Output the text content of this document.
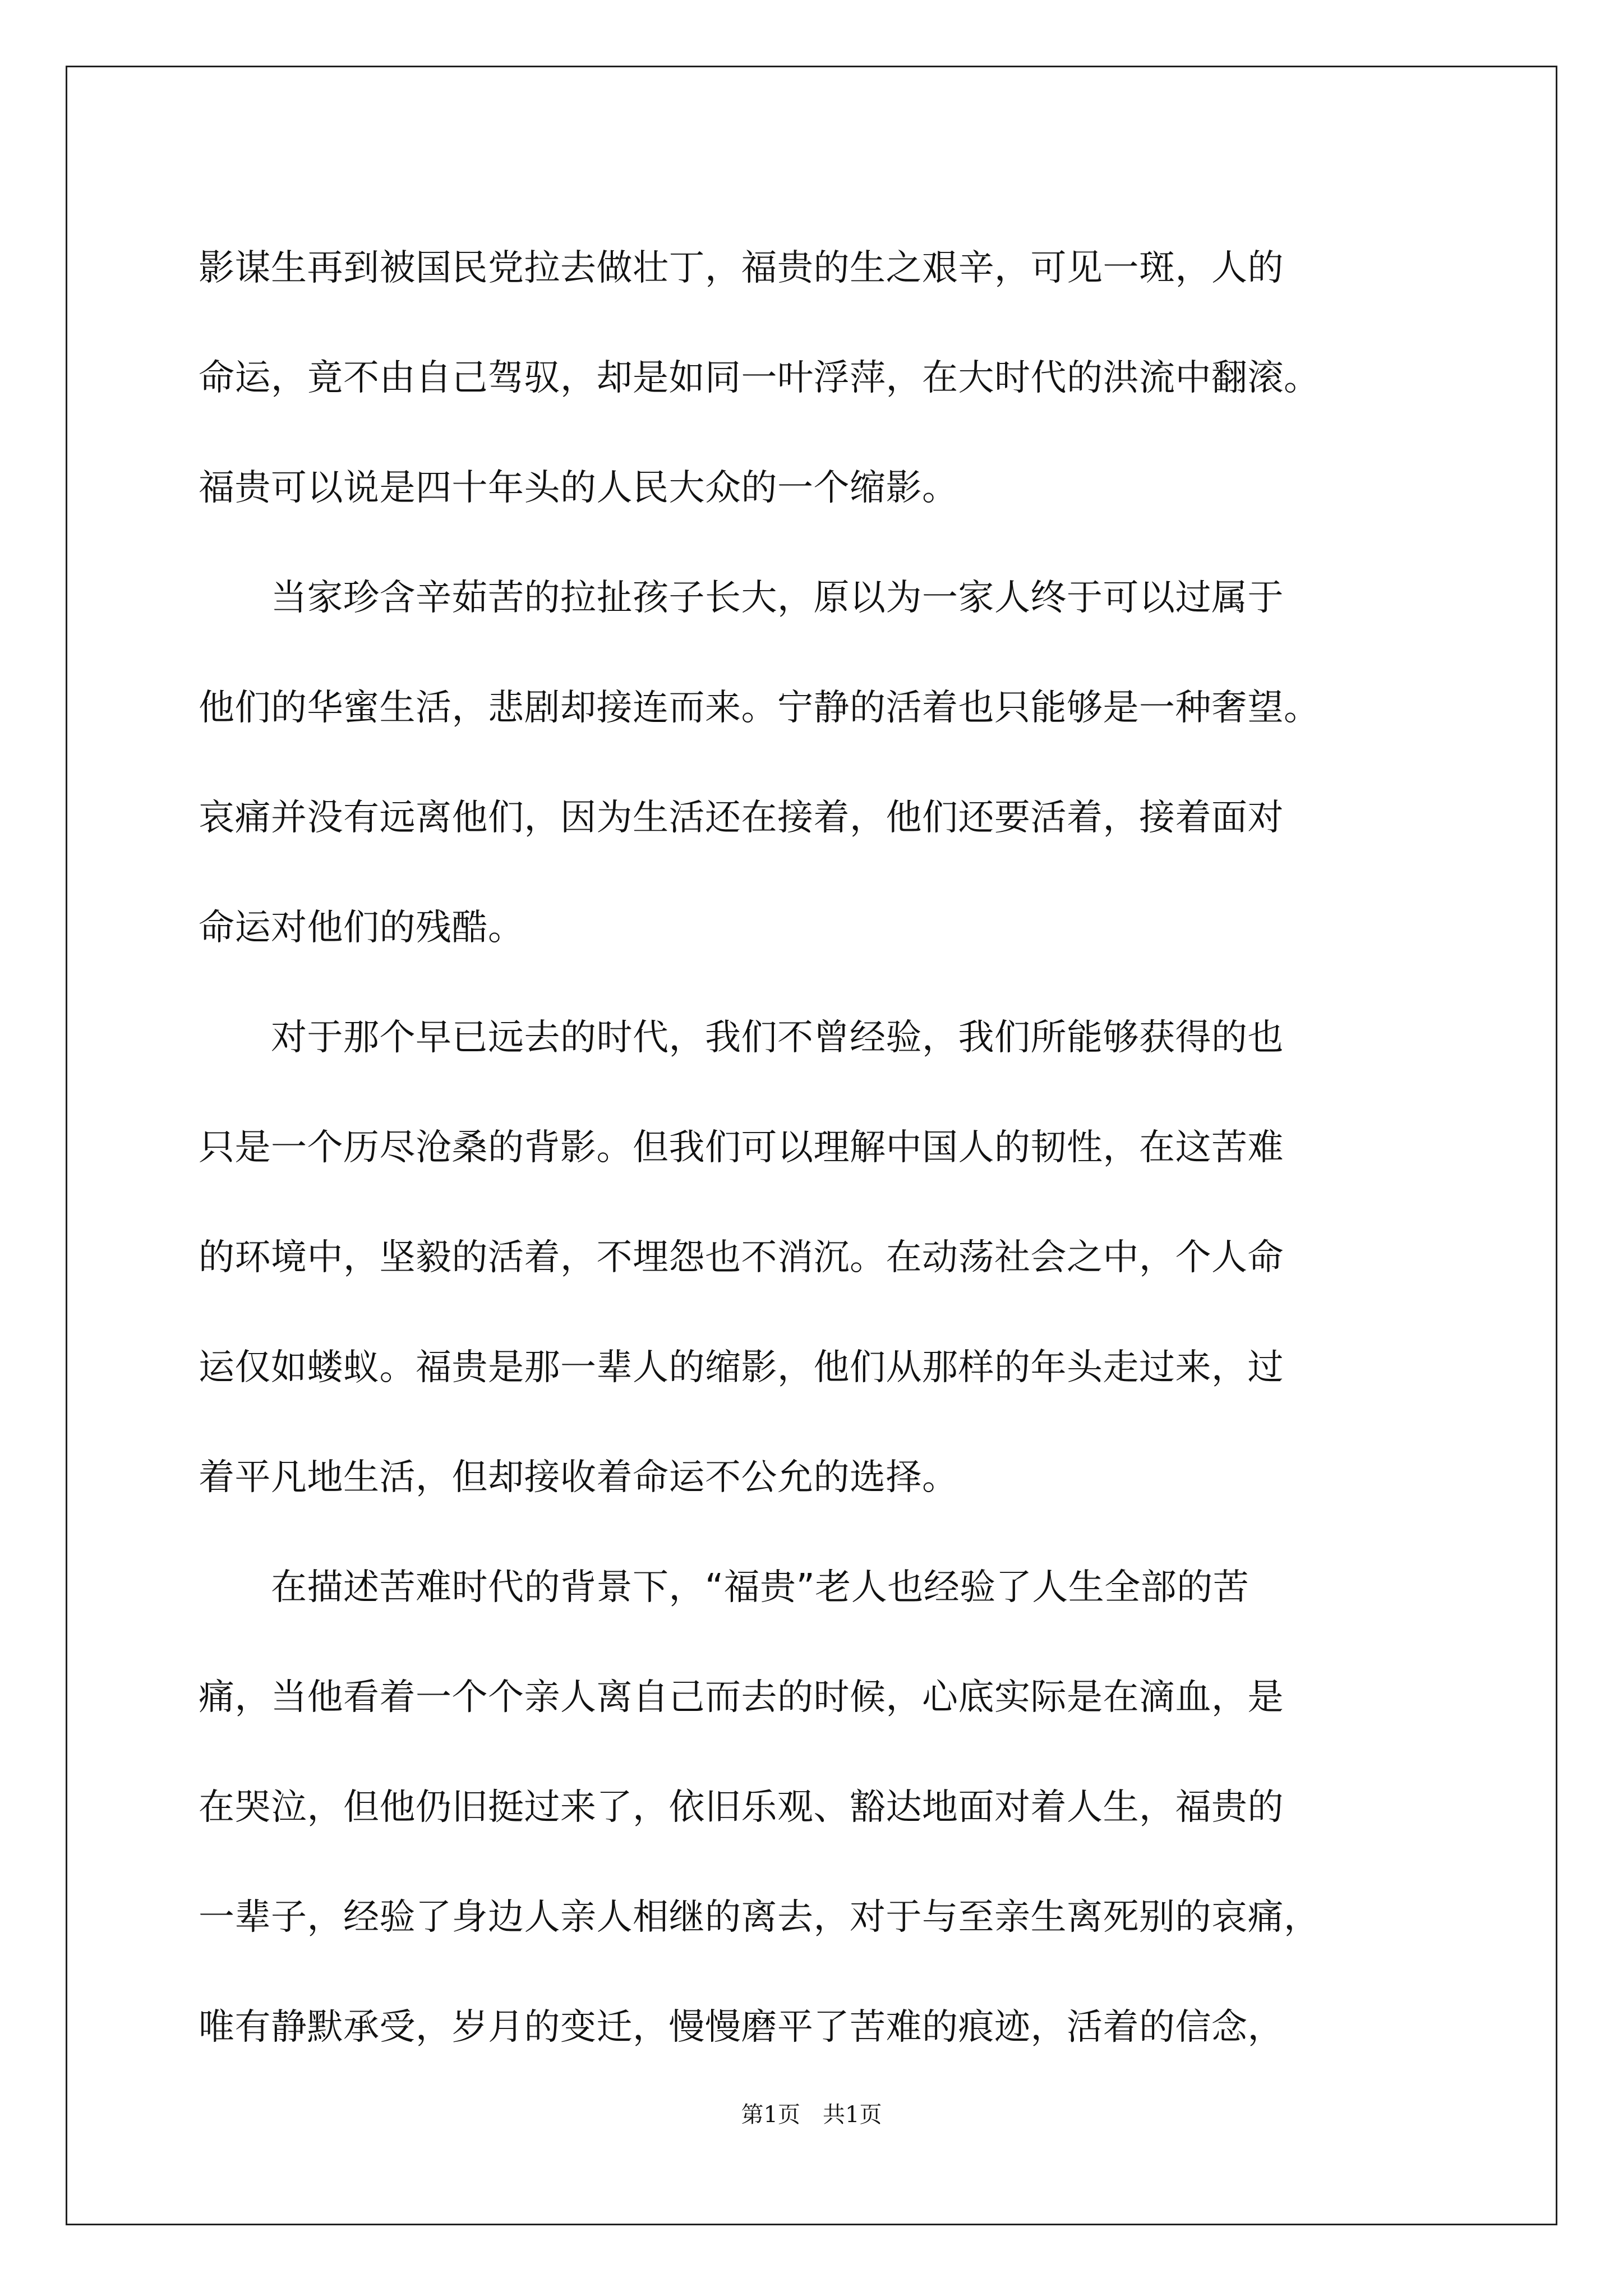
影谋生再到被国民党拉去做壮丁，福贵的生之艰辛，可见一斑，人的
命运，竟不由自己驾驭，却是如同一叶浮萍，在大时代的洪流中翻滚。
福贵可以说是四十年头的人民大众的一个缩影。
　　当家珍含辛茹苦的拉扯孩子长大，原以为一家人终于可以过属于
他们的华蜜生活，悲剧却接连而来。宁静的活着也只能够是一种奢望。
哀痛并没有远离他们，因为生活还在接着，他们还要活着，接着面对
命运对他们的残酷。
　　对于那个早已远去的时代，我们不曾经验，我们所能够获得的也
只是一个历尽沧桑的背影。但我们可以理解中国人的韧性，在这苦难
的环境中，坚毅的活着，不埋怨也不消沉。在动荡社会之中，个人命
运仅如蝼蚁。福贵是那一辈人的缩影，他们从那样的年头走过来，过
着平凡地生活，但却接收着命运不公允的选择。
　　在描述苦难时代的背景下，“福贵”老人也经验了人生全部的苦
痛，当他看着一个个亲人离自己而去的时候，心底实际是在滴血，是
在哭泣，但他仍旧挺过来了，依旧乐观、豁达地面对着人生，福贵的
一辈子，经验了身边人亲人相继的离去，对于与至亲生离死别的哀痛，
唯有静默承受，岁月的变迁，慢慢磨平了苦难的痕迹，活着的信念，
第1页　共1页
